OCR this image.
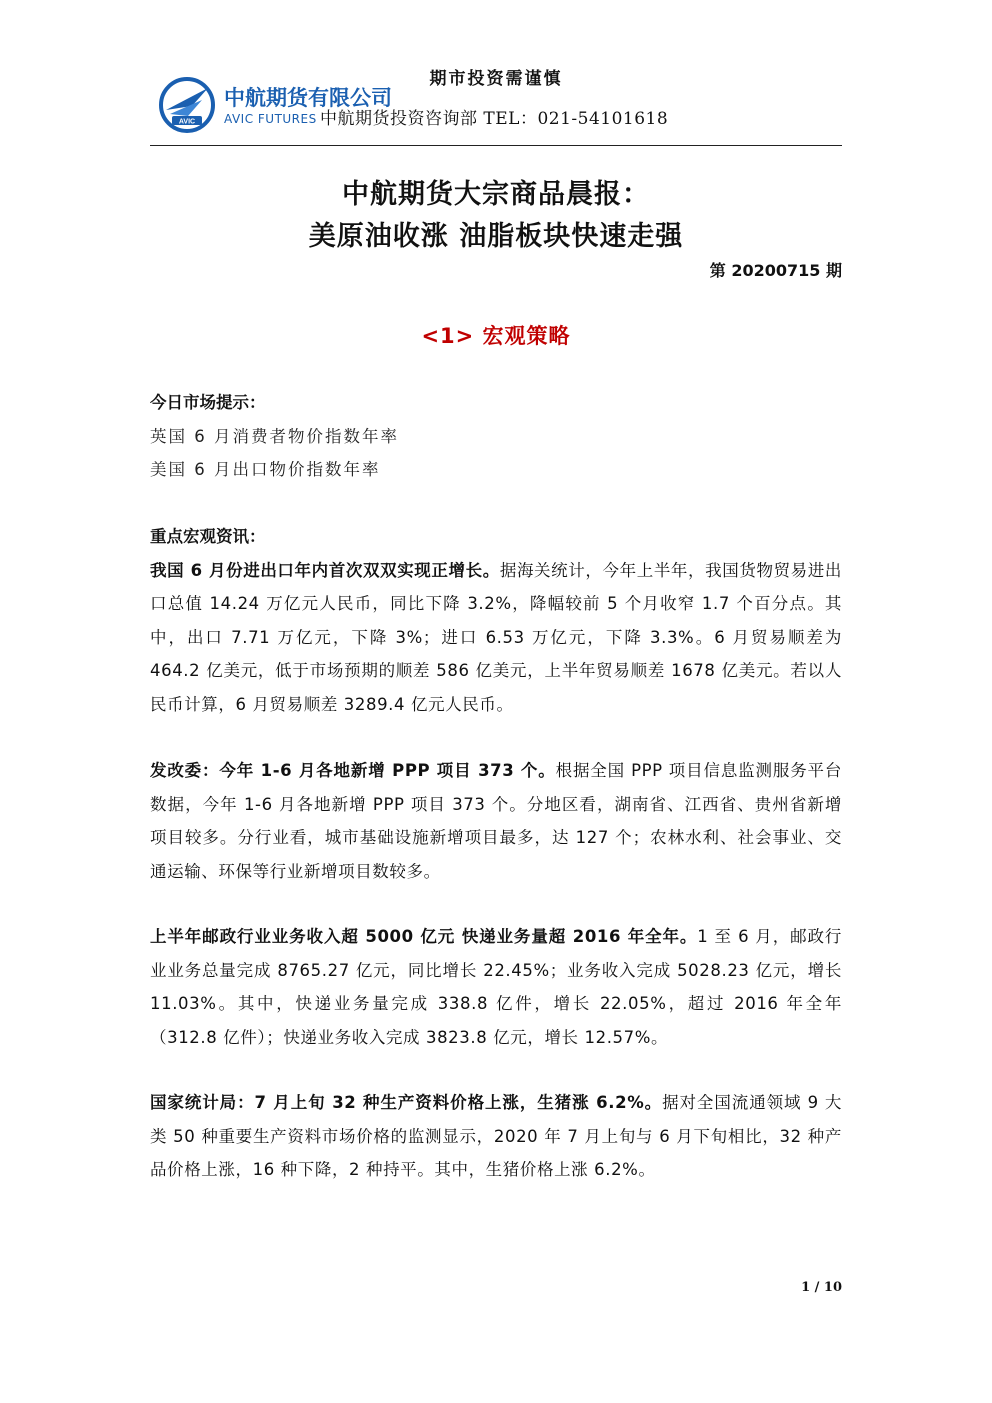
期市投资需谨慎
AVIC
中航期货有限公司
AVIC FUTURES 中航期货投资咨询部 TEL：021-54101618
中航期货大宗商品晨报：
美原油收涨 油脂板块快速走强
第 20200715 期
<1> 宏观策略

今日市场提示：

英国 6 月消费者物价指数年率

美国 6 月出口物价指数年率

重点宏观资讯：

我国 6 月份进出口年内首次双双实现正增长。据海关统计，今年上半年，我国货物贸易进出口总值 14.24 万亿元人民币，同比下降 3.2%，降幅较前 5 个月收窄 1.7 个百分点。其中，出口 7.71 万亿元，下降 3%；进口 6.53 万亿元，下降 3.3%。6 月贸易顺差为 464.2 亿美元，低于市场预期的顺差 586 亿美元，上半年贸易顺差 1678 亿美元。若以人民币计算，6 月贸易顺差 3289.4 亿元人民币。

发改委：今年 1-6 月各地新增 PPP 项目 373 个。根据全国 PPP 项目信息监测服务平台数据，今年 1-6 月各地新增 PPP 项目 373 个。分地区看，湖南省、江西省、贵州省新增项目较多。分行业看，城市基础设施新增项目最多，达 127 个；农林水利、社会事业、交通运输、环保等行业新增项目数较多。

上半年邮政行业业务收入超 5000 亿元 快递业务量超 2016 年全年。1 至 6 月，邮政行业业务总量完成 8765.27 亿元，同比增长 22.45%；业务收入完成 5028.23 亿元，增长 11.03%。其中，快递业务量完成 338.8 亿件，增长 22.05%，超过 2016 年全年（312.8 亿件）；快递业务收入完成 3823.8 亿元，增长 12.57%。

国家统计局：7 月上旬 32 种生产资料价格上涨，生猪涨 6.2%。据对全国流通领域 9 大类 50 种重要生产资料市场价格的监测显示，2020 年 7 月上旬与 6 月下旬相比，32 种产品价格上涨，16 种下降，2 种持平。其中，生猪价格上涨 6.2%。

1 / 10
